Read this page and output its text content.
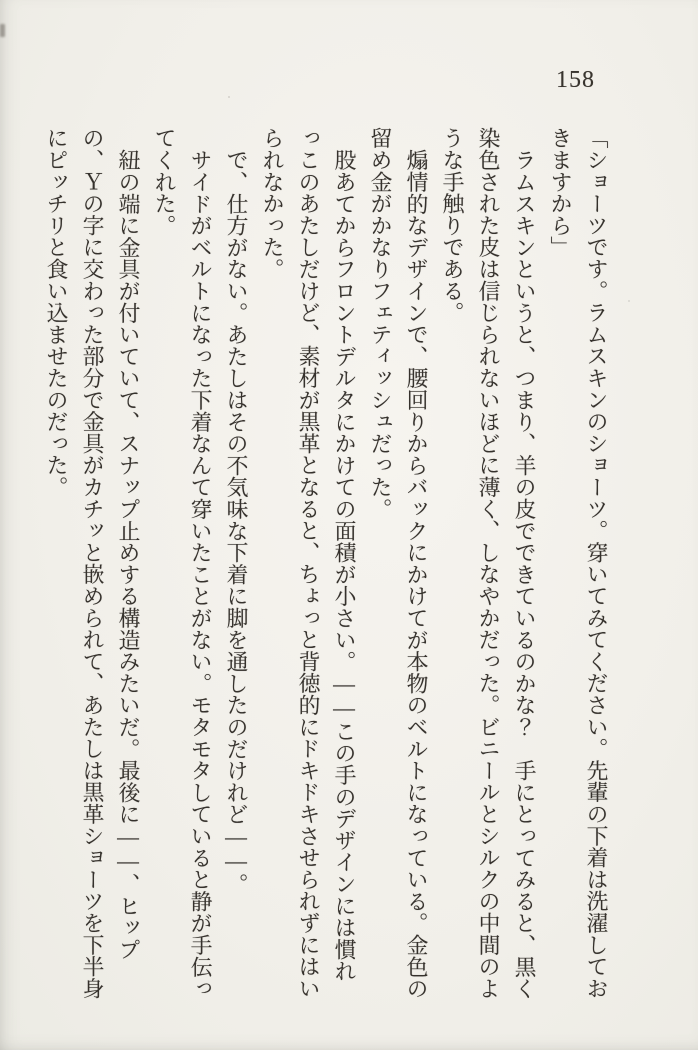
158

「ショーツです。ラムスキンのショーツ。穿いてみてください。先輩の下着は洗濯しておきますから」

ラムスキンというと、つまり、羊の皮でできているのかな？　手にとってみると、黒く染色された皮は信じられないほどに薄く、しなやかだった。ビニールとシルクの中間のような手触りである。

煽情的なデザインで、腰回りからバックにかけてが本物のベルトになっている。金色の留め金がかなりフェティッシュだった。

股あてからフロントデルタにかけての面積が小さい。――この手のデザインには慣れっこのあたしだけど、素材が黒革となると、ちょっと背徳的にドキドキさせられずにはいられなかった。

で、仕方がない。あたしはその不気味な下着に脚を通したのだけれど――。

サイドがベルトになった下着なんて穿いたことがない。モタモタしていると静が手伝ってくれた。

紐の端に金具が付いていて、スナップ止めする構造みたいだ。最後に――、ヒップの、Ｙの字に交わった部分で金具がカチッと嵌められて、あたしは黒革ショーツを下半身にピッチリと食い込ませたのだった。
